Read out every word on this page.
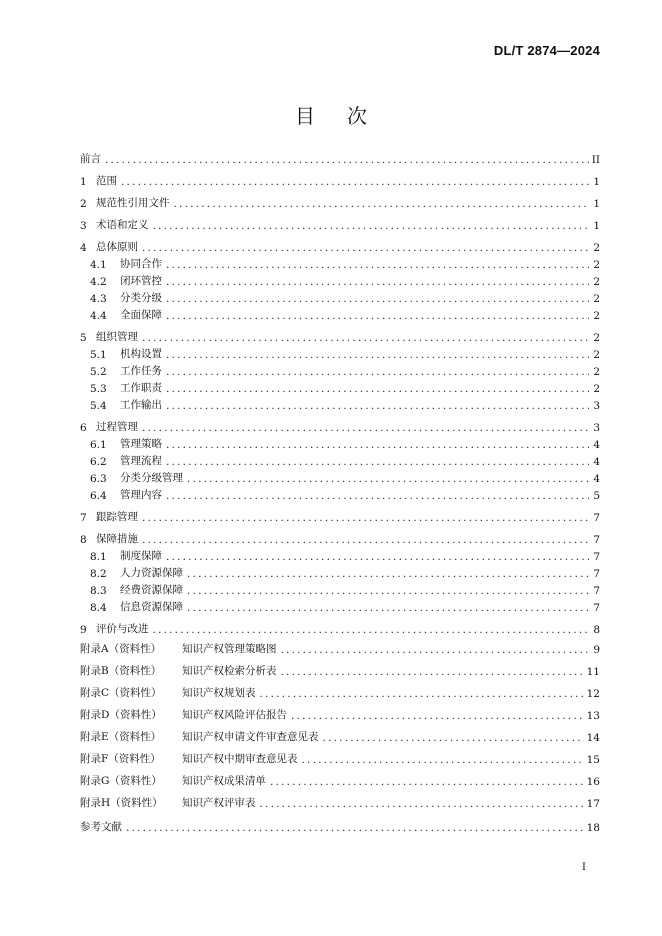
DL/T 2874—2024
目次
前言 .....	II
1 范围 .....	1
2 规范性引用文件 .....	1
3 术语和定义 .....	1
4 总体原则 .....	2
4.1	协同合作 .....	2
4.2	闭环管控 .....	2
4.3	分类分级 .....	2
4.4	全面保障 .....	2
5 组织管理 .....	2
5.1	机构设置 .....	2
5.2	工作任务 .....	2
5.3	工作职责 .....	2
5.4	工作输出 .....	3
6 过程管理 .....	3
6.1	管理策略 .....	4
6.2	管理流程 .....	4
6.3	分类分级管理 .....	4
6.4	管理内容 .....	5
7 跟踪管理 .....	7
8 保障措施 .....	7
8.1	制度保障 .....	7
8.2	人力资源保障 .....	7
8.3	经费资源保障 .....	7
8.4	信息资源保障 .....	7
9 评价与改进 .....	8
附录A（资料性）	知识产权管理策略图 .....	9
附录B（资料性）	知识产权检索分析表 .....	11
附录C（资料性）	知识产权规划表 .....	12
附录D（资料性）	知识产权风险评估报告 .....	13
附录E（资料性）	知识产权申请文件审查意见表 .....	14
附录F（资料性）	知识产权中期审查意见表 .....	15
附录G（资料性）	知识产权成果清单 .....	16
附录H（资料性）	知识产权评审表 .....	17
参考文献 .....	18
I
